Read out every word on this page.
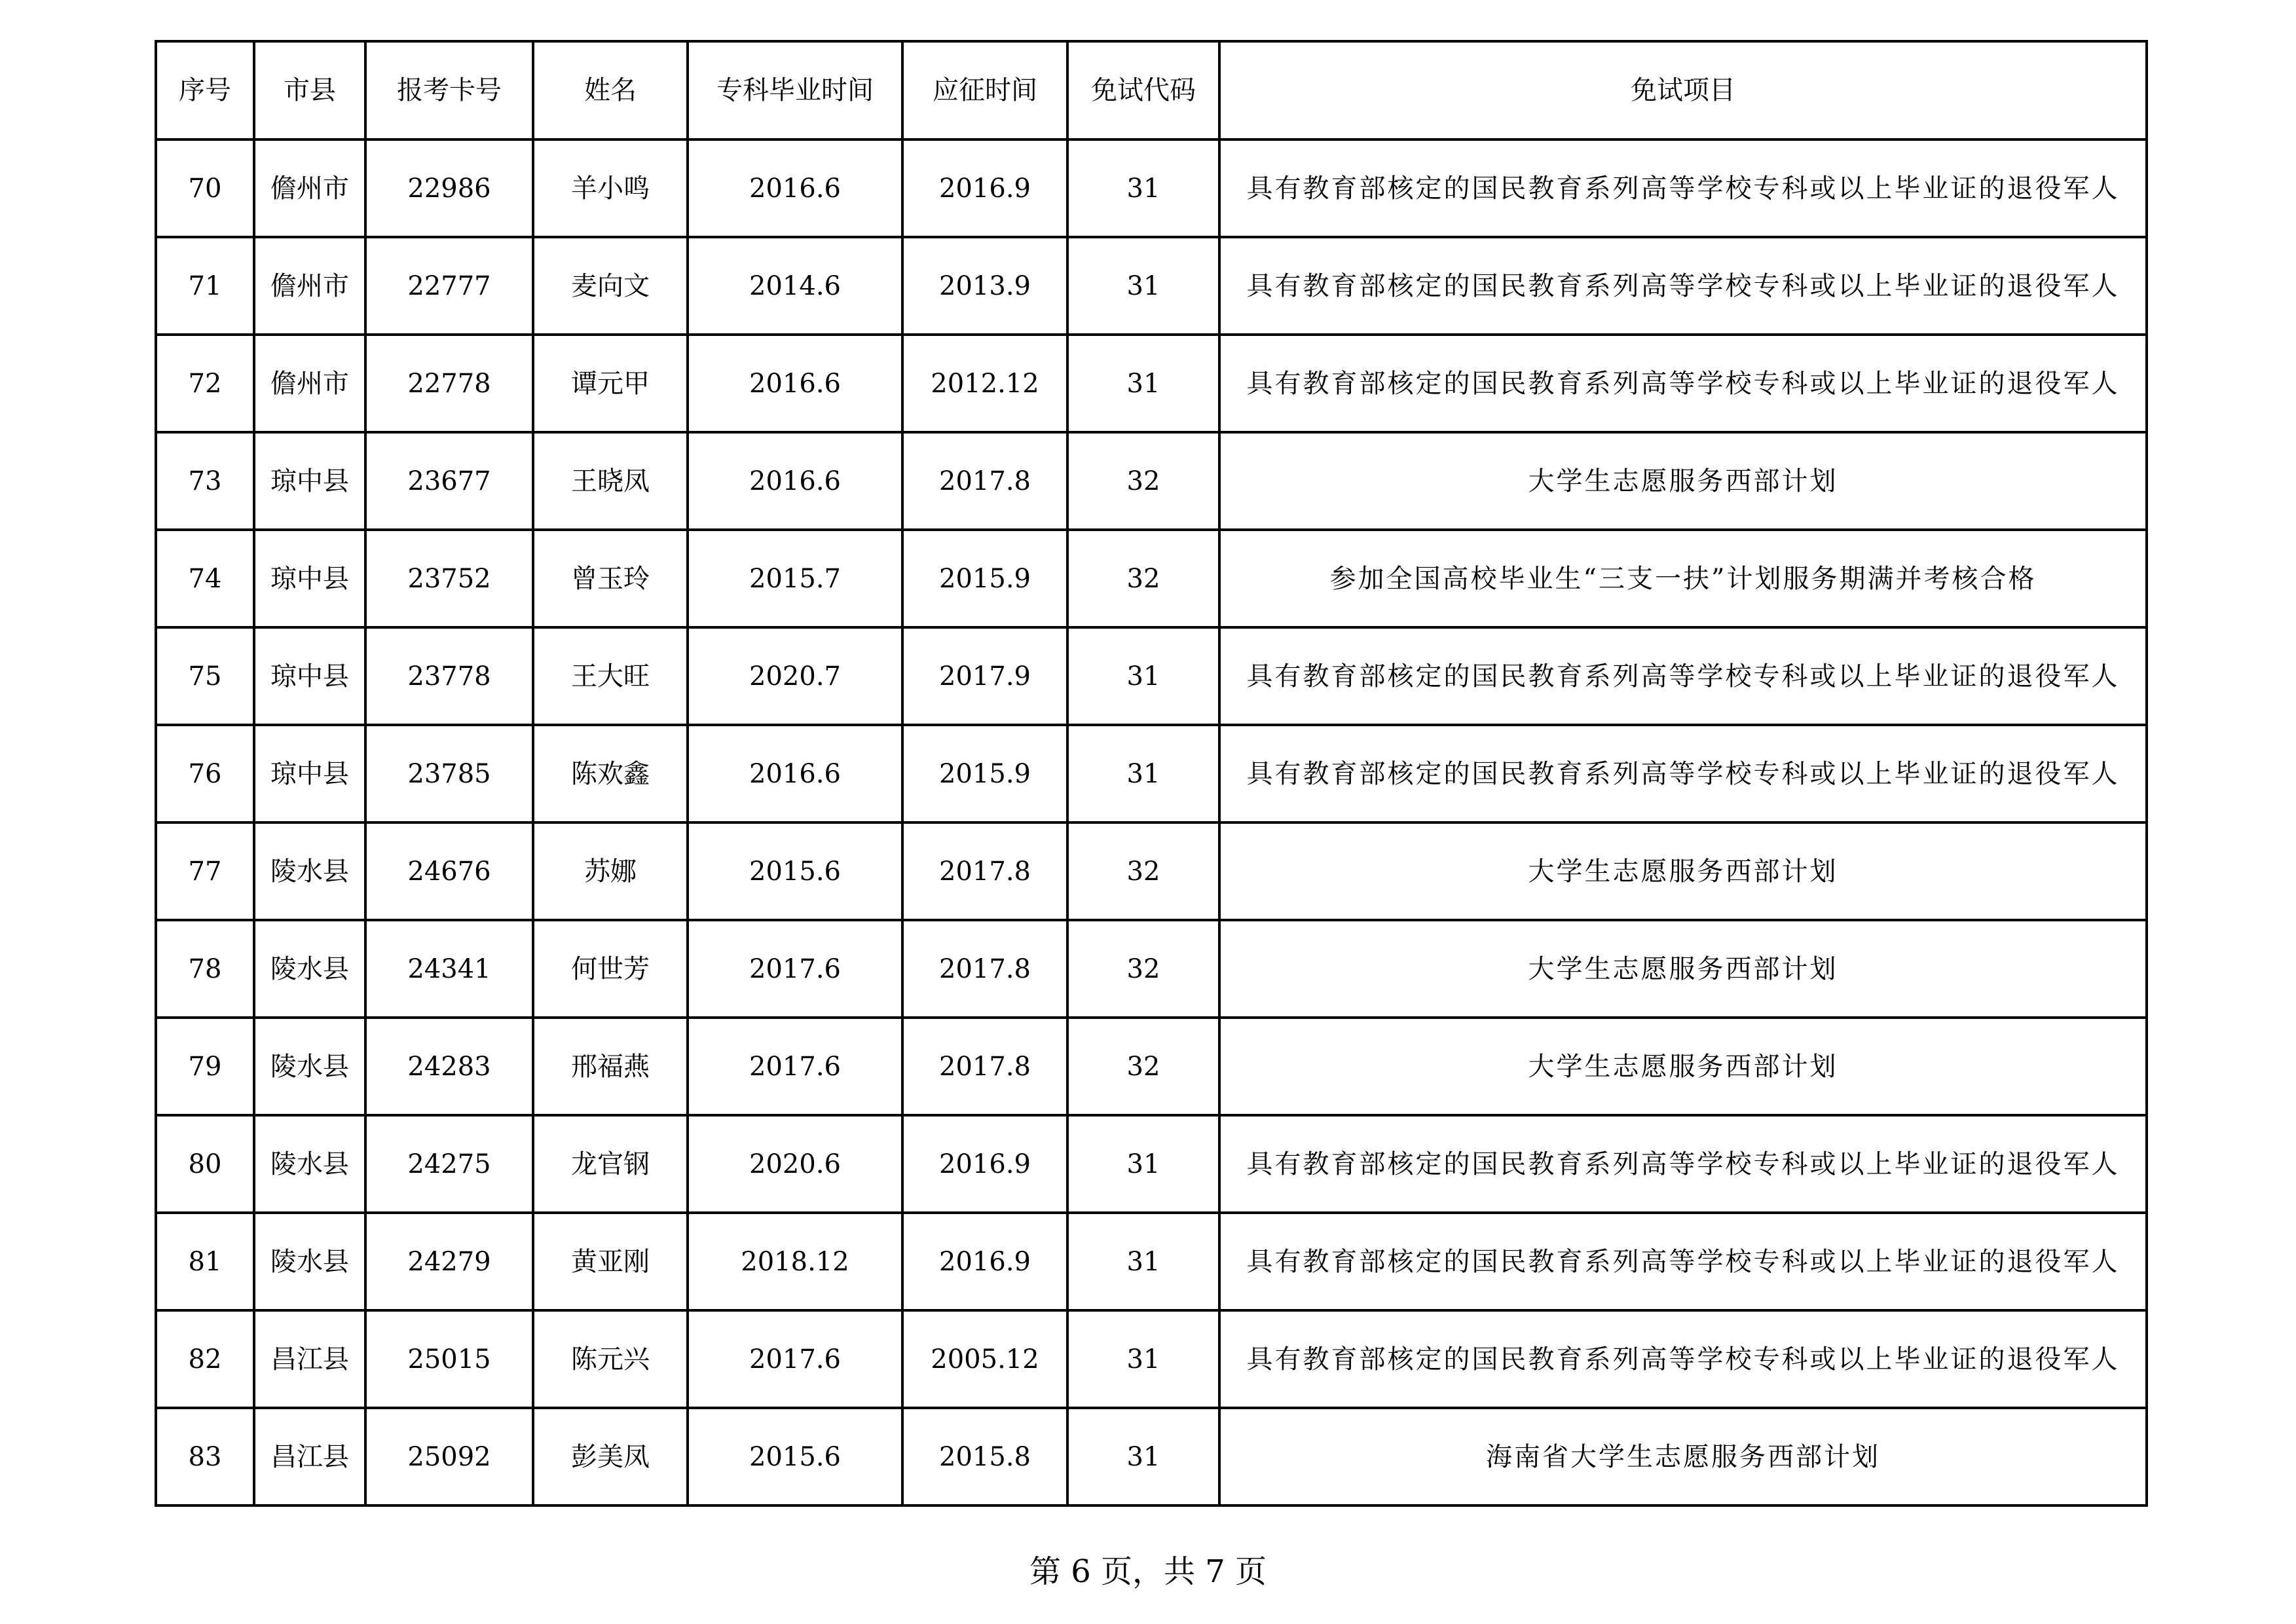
序号	市县	报考卡号	姓名	专科毕业时间	应征时间	免试代码	免试项目
70	儋州市	22986	羊小鸣	2016.6	2016.9	31	具有教育部核定的国民教育系列高等学校专科或以上毕业证的退役军人
71	儋州市	22777	麦向文	2014.6	2013.9	31	具有教育部核定的国民教育系列高等学校专科或以上毕业证的退役军人
72	儋州市	22778	谭元甲	2016.6	2012.12	31	具有教育部核定的国民教育系列高等学校专科或以上毕业证的退役军人
73	琼中县	23677	王晓凤	2016.6	2017.8	32	大学生志愿服务西部计划
74	琼中县	23752	曾玉玲	2015.7	2015.9	32	参加全国高校毕业生“三支一扶”计划服务期满并考核合格
75	琼中县	23778	王大旺	2020.7	2017.9	31	具有教育部核定的国民教育系列高等学校专科或以上毕业证的退役军人
76	琼中县	23785	陈欢鑫	2016.6	2015.9	31	具有教育部核定的国民教育系列高等学校专科或以上毕业证的退役军人
77	陵水县	24676	苏娜	2015.6	2017.8	32	大学生志愿服务西部计划
78	陵水县	24341	何世芳	2017.6	2017.8	32	大学生志愿服务西部计划
79	陵水县	24283	邢福燕	2017.6	2017.8	32	大学生志愿服务西部计划
80	陵水县	24275	龙官钢	2020.6	2016.9	31	具有教育部核定的国民教育系列高等学校专科或以上毕业证的退役军人
81	陵水县	24279	黄亚刚	2018.12	2016.9	31	具有教育部核定的国民教育系列高等学校专科或以上毕业证的退役军人
82	昌江县	25015	陈元兴	2017.6	2005.12	31	具有教育部核定的国民教育系列高等学校专科或以上毕业证的退役军人
83	昌江县	25092	彭美凤	2015.6	2015.8	31	海南省大学生志愿服务西部计划
第 6 页，共 7 页
